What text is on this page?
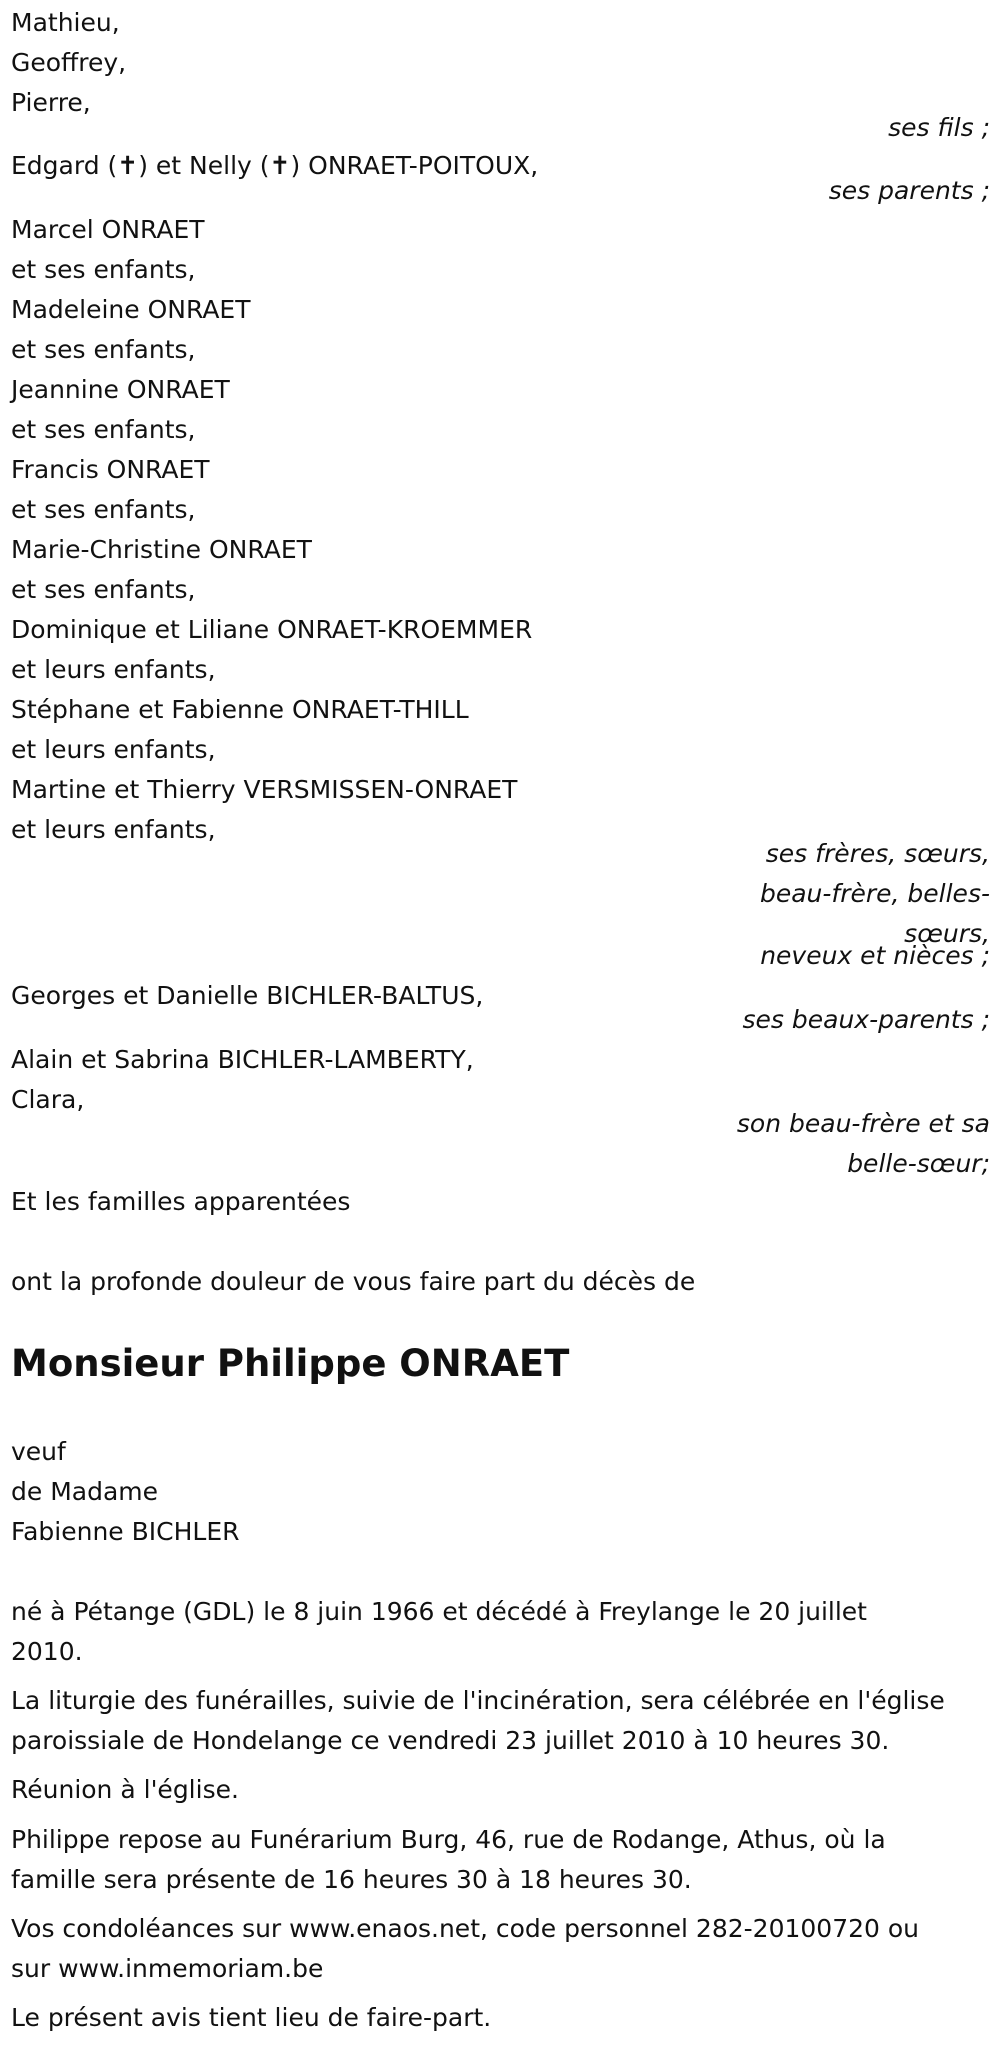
Mathieu,
Geoffrey,
Pierre,
ses fils ;
Edgard (✝) et Nelly (✝) ONRAET-POITOUX,
ses parents ;
Marcel ONRAET
et ses enfants,
Madeleine ONRAET
et ses enfants,
Jeannine ONRAET
et ses enfants,
Francis ONRAET
et ses enfants,
Marie-Christine ONRAET
et ses enfants,
Dominique et Liliane ONRAET-KROEMMER
et leurs enfants,
Stéphane et Fabienne ONRAET-THILL
et leurs enfants,
Martine et Thierry VERSMISSEN-ONRAET
et leurs enfants,
ses frères, sœurs,
beau-frère, belles-
sœurs,
neveux et nièces ;
Georges et Danielle BICHLER-BALTUS,
ses beaux-parents ;
Alain et Sabrina BICHLER-LAMBERTY,
Clara,
son beau-frère et sa
belle-sœur;
Et les familles apparentées
ont la profonde douleur de vous faire part du décès de
Monsieur Philippe ONRAET
veuf
de Madame
Fabienne BICHLER
né à Pétange (GDL) le 8 juin 1966 et décédé à Freylange le 20 juillet
2010.
La liturgie des funérailles, suivie de l'incinération, sera célébrée en l'église
paroissiale de Hondelange ce vendredi 23 juillet 2010 à 10 heures 30.
Réunion à l'église.
Philippe repose au Funérarium Burg, 46, rue de Rodange, Athus, où la
famille sera présente de 16 heures 30 à 18 heures 30.
Vos condoléances sur www.enaos.net, code personnel 282-20100720 ou
sur www.inmemoriam.be
Le présent avis tient lieu de faire-part.
